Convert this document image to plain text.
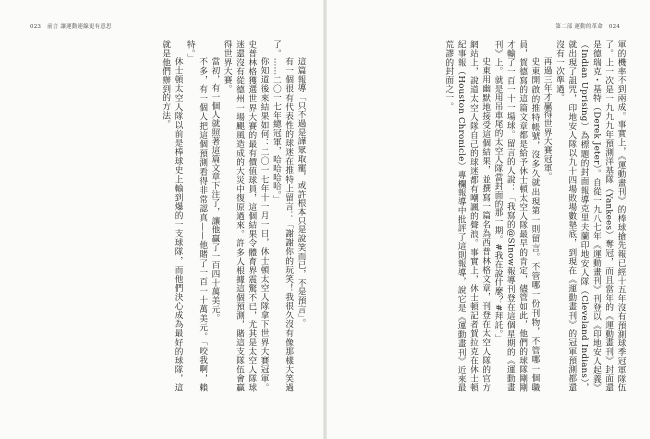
023 前言 讓運動連線更有意思

這篇報導「只不過是譁眾取寵，或許根本只是說笑而已，不是預言」。

有一個很有代表性的球迷在推特上留言：「謝謝你的玩笑！我很久沒有像那樣大笑過了。……二〇一七年總冠軍，哈哈哈哈。」

你知道後來結果如何：二〇一七年十一月一日，休士頓太空人隊拿下世界大賽冠軍。史普林格獲選世界大賽的最有價值球員，這個結果令體育界震驚不已，尤其是太空人隊球迷還沒有從德州一場颶風造成的大災中復原過來。許多人根據這個預測，賭這支隊伍會贏得世界大賽。

當初，有一個人就照著這篇文章下注了，讓他贏了一百四十萬美元。

不多，有一個人把這個預測看得非常認真——他賭了一百一十萬美元。「咬我啊，賴特。」

休士頓太空人隊以前是棒球史上輸到爆的一支球隊，而他們決心成為最好的球隊，這就是他們辦到的方法。

第二部 運動的革命 024

軍的機率不到兩成。事實上，《運動畫刊》的棒球搶先報已經十五年沒有預測球季冠軍隊伍了。上一次是一九九九年預測洋基隊（Yankees）奪冠，而且當年的《運動畫刊》封面還是德瑞克・基特（Derek Jeter）。自從一九八七年《運動畫刊》刊登以《印地安人起義》（Indian Uprising）為標題的封面報導克里夫蘭印地安人隊（Cleveland Indians），就出現了詛咒，印地安人隊以九十四場敗場數墊底，到現在《運動畫刊》的冠軍預測都還沒有一次準過。

再過三年才贏得世界大賽冠軍。

史東開啟的推特帳號，沒多久就出現第一則留言。不管哪一份刊物，不管哪一個職員，賀德寫的這篇文章都是給予休士頓太空人隊最早的肯定，儘管如此，他們的球隊剛剛才輸了一百一十一場球。留言的人說：「我寫的@SInow報導刊登在這個星期的《運動畫刊》上。就是用吊車尾的太空人隊當封面的那一期。#我在說什麼？#拜託。」

史東用幽默地接受這個結果，並撰寫一篇名為西普林格文章，刊登在太空人隊的官方網站上，說道太空人隊自己的球迷都有嘲諷的聲浪。事實上，休士頓記者賀拉克在休士頓紀事報（Houston Chronicle）專欄報導中批評了這則報導，說它是《運動畫刊》近來最荒謬的封面之一。
